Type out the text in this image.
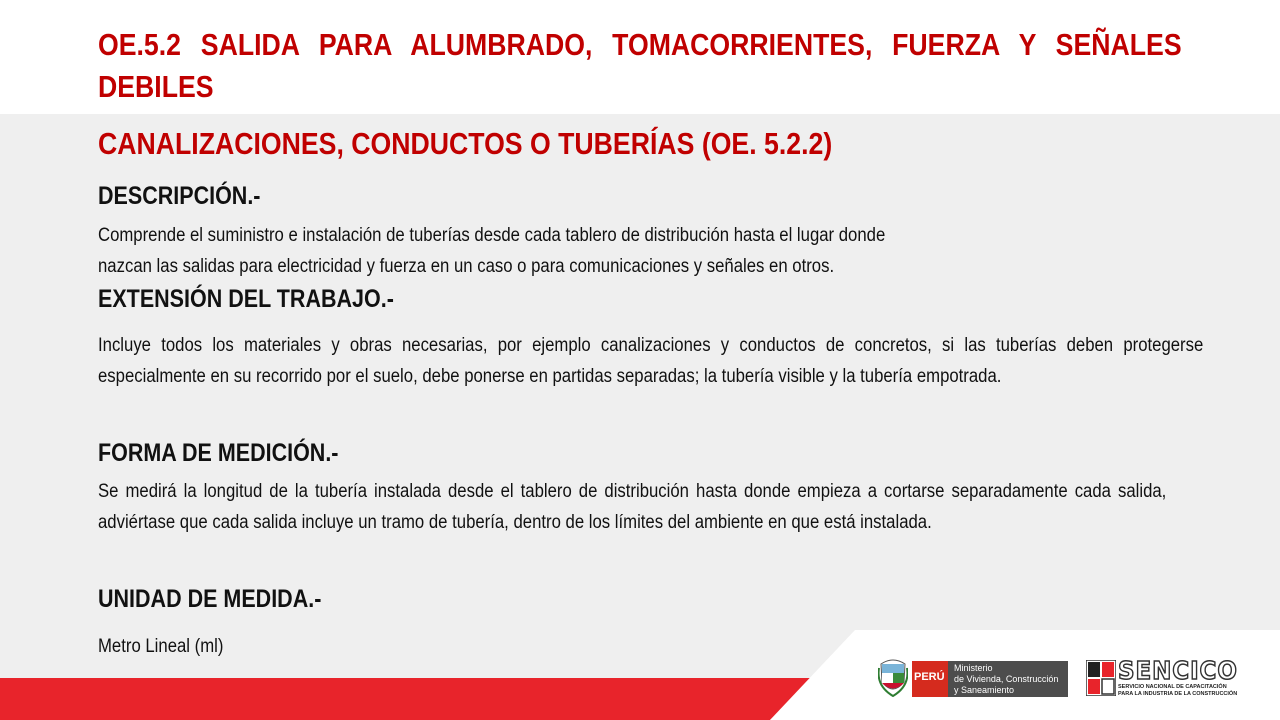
OE.5.2 SALIDA PARA ALUMBRADO, TOMACORRIENTES, FUERZA Y SEÑALES DEBILES
CANALIZACIONES, CONDUCTOS O TUBERÍAS (OE. 5.2.2)
DESCRIPCIÓN.-

Comprende el suministro e instalación de tuberías desde cada tablero de distribución hasta el lugar donde

nazcan las salidas para electricidad y fuerza en un caso o para comunicaciones y señales en otros.

EXTENSIÓN DEL TRABAJO.-

Incluye todos los materiales y obras necesarias, por ejemplo canalizaciones y conductos de concretos, si las tuberías deben protegerse especialmente en su recorrido por el suelo, debe ponerse en partidas separadas; la tubería visible y la tubería empotrada.

FORMA DE MEDICIÓN.-

Se medirá la longitud de la tubería instalada desde el tablero de distribución hasta donde empieza a cortarse separadamente cada salida, adviértase que cada salida incluye un tramo de tubería, dentro de los límites del ambiente en que está instalada.

UNIDAD DE MEDIDA.-

Metro Lineal (ml)

PERÚ
Ministerio
de Vivienda, Construcción
y Saneamiento
SENCICO
SERVICIO NACIONAL DE CAPACITACIÓN
PARA LA INDUSTRIA DE LA CONSTRUCCIÓN
